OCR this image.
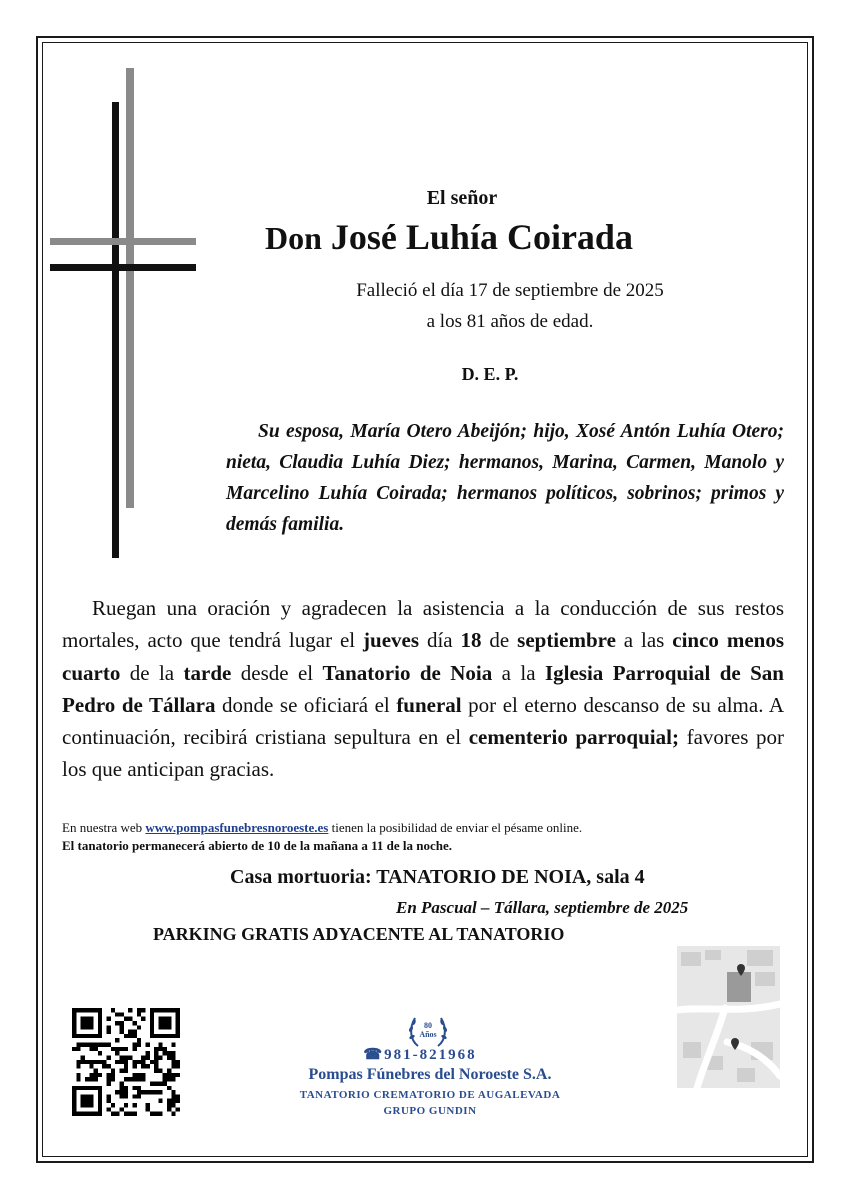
El señor
Don José Luhía Coirada
Falleció el día 17 de septiembre de 2025
a los 81 años de edad.
D. E. P.
Su esposa, María Otero Abeijón; hijo, Xosé Antón Luhía Otero; nieta, Claudia Luhía Diez; hermanos, Marina, Carmen, Manolo y Marcelino Luhía Coirada; hermanos políticos, sobrinos; primos y demás familia.
Ruegan una oración y agradecen la asistencia a la conducción de sus restos mortales, acto que tendrá lugar el jueves día 18 de septiembre a las cinco menos cuarto de la tarde desde el Tanatorio de Noia a la Iglesia Parroquial de San Pedro de Tállara donde se oficiará el funeral por el eterno descanso de su alma. A continuación, recibirá cristiana sepultura en el cementerio parroquial; favores por los que anticipan gracias.
En nuestra web www.pompasfunebresnoroeste.es tienen la posibilidad de enviar el pésame online.
El tanatorio permanecerá abierto de 10 de la mañana a 11 de la noche.
Casa mortuoria: TANATORIO DE NOIA, sala 4
En Pascual – Tállara, septiembre de 2025
PARKING GRATIS ADYACENTE AL TANATORIO
80
Años
☎981-821968
Pompas Fúnebres del Noroeste S.A.
TANATORIO CREMATORIO DE AUGALEVADA
GRUPO GUNDIN
